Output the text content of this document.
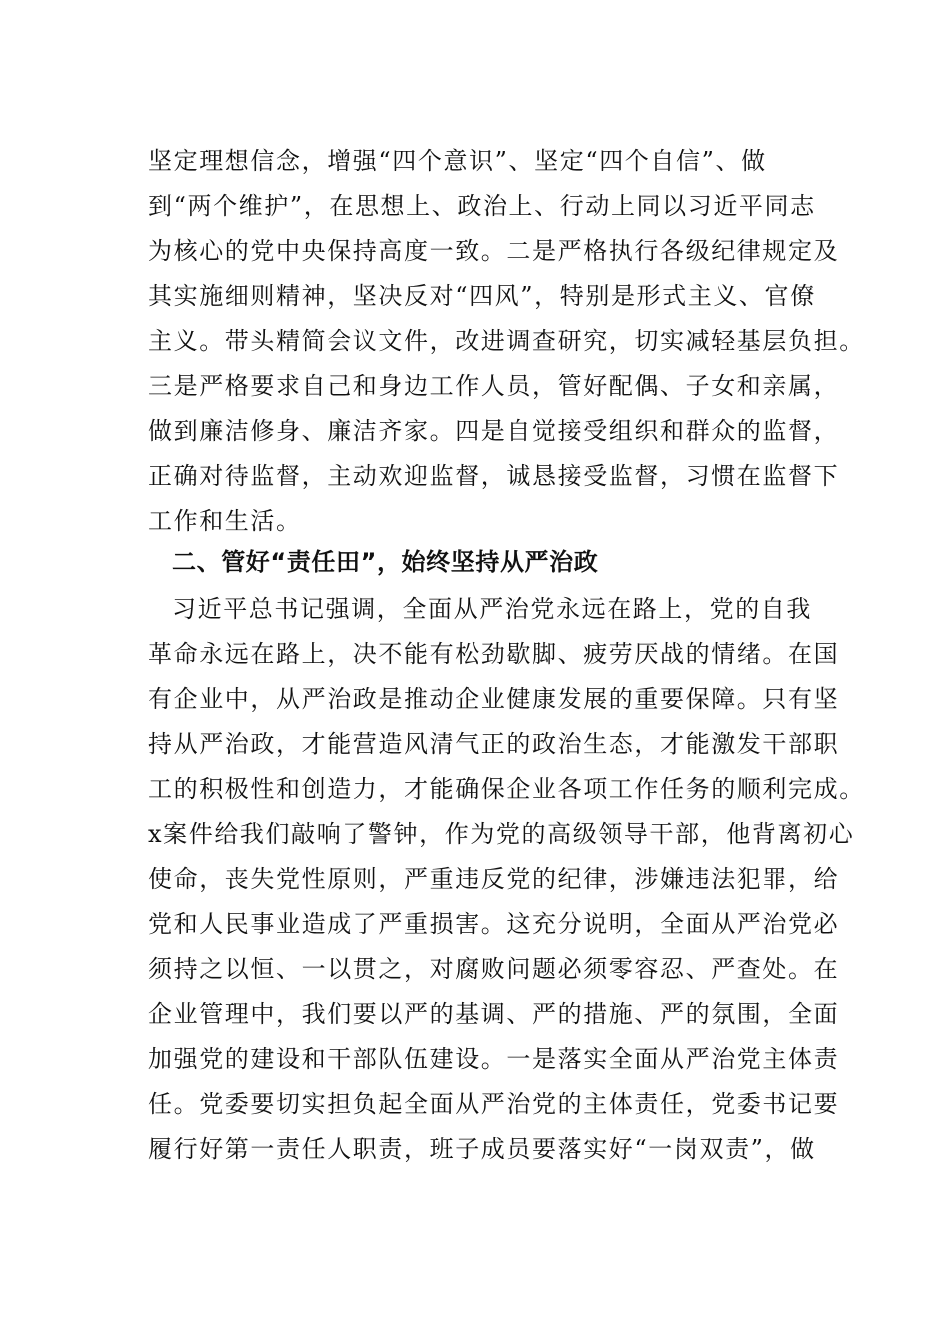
坚定理想信念，增强“四个意识”、坚定“四个自信”、做
到“两个维护”，在思想上、政治上、行动上同以习近平同志
为核心的党中央保持高度一致。二是严格执行各级纪律规定及
其实施细则精神，坚决反对“四风”，特别是形式主义、官僚
主义。带头精简会议文件，改进调查研究，切实减轻基层负担。
三是严格要求自己和身边工作人员，管好配偶、子女和亲属，
做到廉洁修身、廉洁齐家。四是自觉接受组织和群众的监督，
正确对待监督，主动欢迎监督，诚恳接受监督，习惯在监督下
工作和生活。
二、管好“责任田”，始终坚持从严治政
习近平总书记强调，全面从严治党永远在路上，党的自我
革命永远在路上，决不能有松劲歇脚、疲劳厌战的情绪。在国
有企业中，从严治政是推动企业健康发展的重要保障。只有坚
持从严治政，才能营造风清气正的政治生态，才能激发干部职
工的积极性和创造力，才能确保企业各项工作任务的顺利完成。
x案件给我们敲响了警钟，作为党的高级领导干部，他背离初心
使命，丧失党性原则，严重违反党的纪律，涉嫌违法犯罪，给
党和人民事业造成了严重损害。这充分说明，全面从严治党必
须持之以恒、一以贯之，对腐败问题必须零容忍、严查处。在
企业管理中，我们要以严的基调、严的措施、严的氛围，全面
加强党的建设和干部队伍建设。一是落实全面从严治党主体责
任。党委要切实担负起全面从严治党的主体责任，党委书记要
履行好第一责任人职责，班子成员要落实好“一岗双责”，做
